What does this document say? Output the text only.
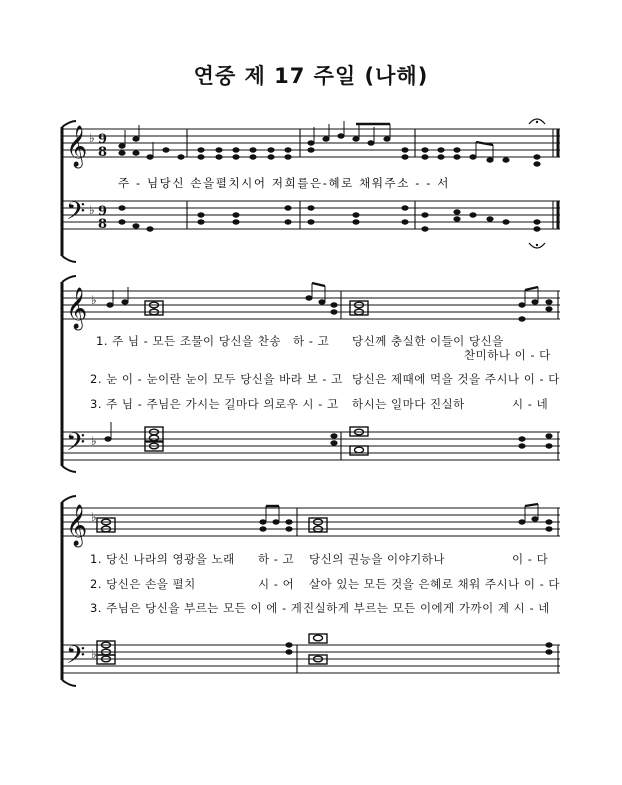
연중 제 17 주일 (나해)
𝄞 ♭ 9
8
𝄢 ♭ 9
8
주 - 님당신 손을펼치시어 저희를은-혜로 채워주소 - - 서
𝄞 ♭
𝄢 ♭
𝄞 ♭
𝄢 ♭
1. 주 님 - 모든 조물이 당신을 찬송 하 - 고 당신께 충실한 이들이 당신을
찬미하나 이 - 다
2. 눈 이 - 눈이란 눈이 모두 당신을 바라 보 - 고 당신은 제때에 먹을 것을 주시나 이 - 다
3. 주 님 - 주님은 가시는 길마다 의로우 시 - 고 하시는 일마다 진실하	시 - 네
1. 당신 나라의 영광을 노래 하 - 고 당신의 권능을 이야기하나	이 - 다
2. 당신은 손을 펼치	시 - 어 살아 있는 모든 것을 은혜로 채워 주시나 이 - 다
3. 주님은 당신을 부르는 모든 이 에 - 게 진실하게 부르는 모든 이에게 가까이 계 시 - 네
